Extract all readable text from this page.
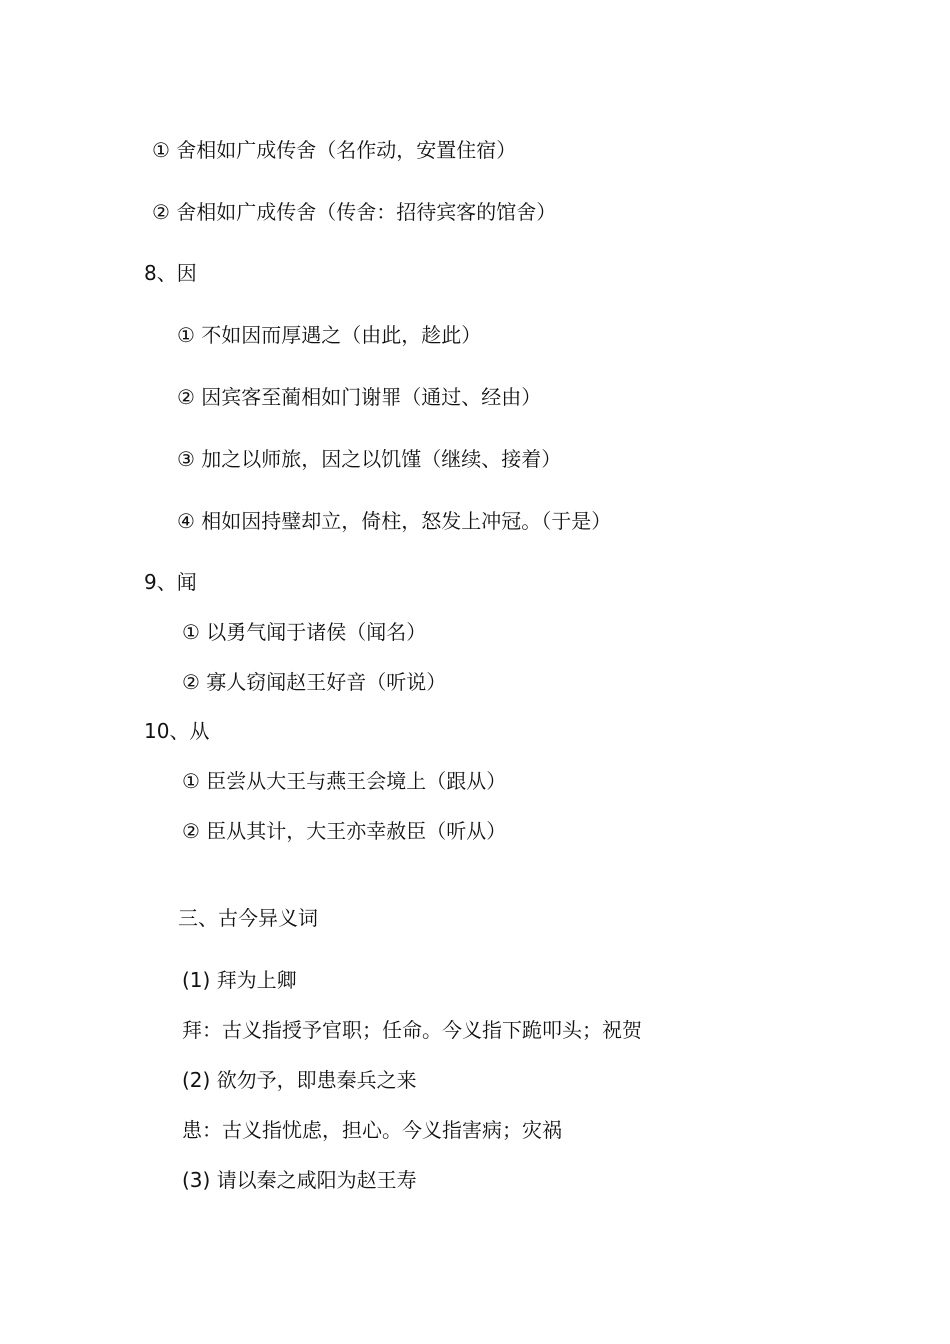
① 舍相如广成传舍（名作动，安置住宿）
② 舍相如广成传舍（传舍：招待宾客的馆舍）
8、因
① 不如因而厚遇之（由此，趁此）
② 因宾客至蔺相如门谢罪（通过、经由）
③ 加之以师旅，因之以饥馑（继续、接着）
④ 相如因持璧却立，倚柱，怒发上冲冠。（于是）
9、闻
① 以勇气闻于诸侯（闻名）
② 寡人窃闻赵王好音（听说）
10、从
① 臣尝从大王与燕王会境上（跟从）
② 臣从其计，大王亦幸赦臣（听从）
三、古今异义词
(1) 拜为上卿
拜：古义指授予官职；任命。今义指下跪叩头；祝贺
(2) 欲勿予，即患秦兵之来
患：古义指忧虑，担心。今义指害病；灾祸
(3) 请以秦之咸阳为赵王寿
